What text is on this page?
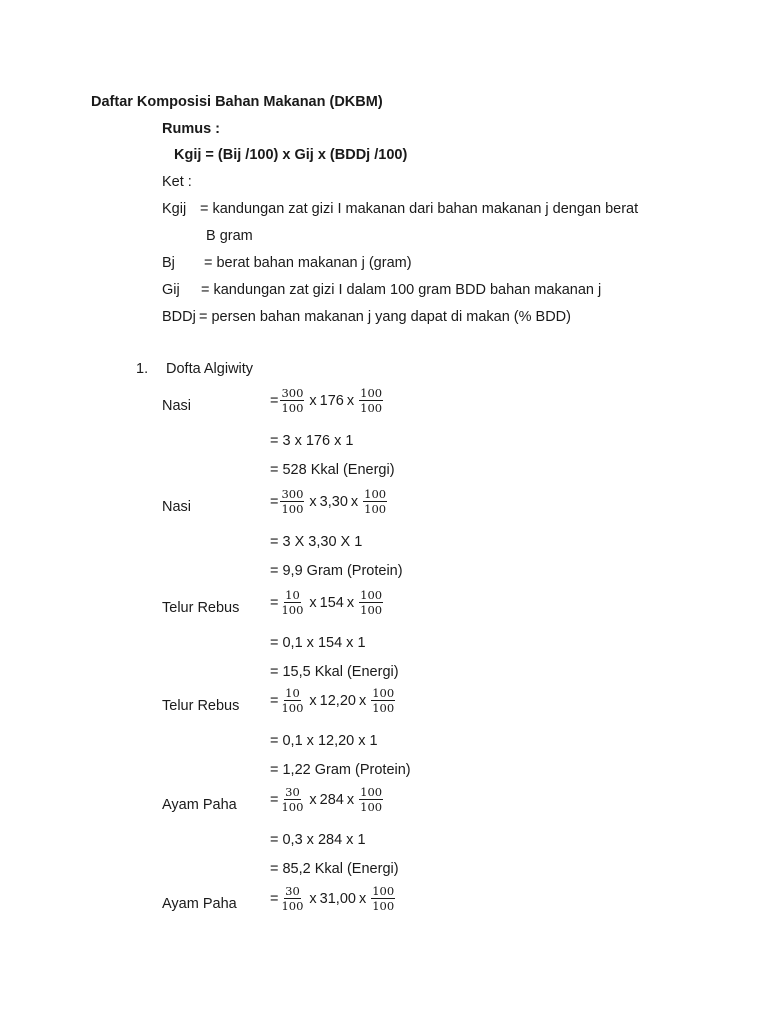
Daftar Komposisi Bahan Makanan (DKBM)
Rumus :
Kgij = (Bij /100) x Gij x (BDDj /100)
Ket :
Kgij = kandungan zat gizi I makanan dari bahan makanan j dengan berat
B gram
Bj = berat bahan makanan j (gram)
Gij = kandungan zat gizi I dalam 100 gram BDD bahan makanan j
BDDj = persen bahan makanan j yang dapat di makan (% BDD)
1. Dofta Algiwity
Nasi	= $\frac{300}{100}$ x 176 x $\frac{100}{100}$
= 3 x 176 x 1
= 528 Kkal (Energi)
Nasi	= $\frac{300}{100}$ x 3,30 x $\frac{100}{100}$
= 3 X 3,30 X 1
= 9,9 Gram (Protein)
Telur Rebus = $\frac{10}{100}$ x 154 x $\frac{100}{100}$
= 0,1 x 154 x 1
= 15,5 Kkal (Energi)
Telur Rebus = $\frac{10}{100}$ x 12,20 x $\frac{100}{100}$
= 0,1 x 12,20 x 1
= 1,22 Gram (Protein)
Ayam Paha = $\frac{30}{100}$ x 284 x $\frac{100}{100}$
= 0,3 x 284 x 1
= 85,2 Kkal (Energi)
Ayam Paha = $\frac{30}{100}$ x 31,00 x $\frac{100}{100}$
